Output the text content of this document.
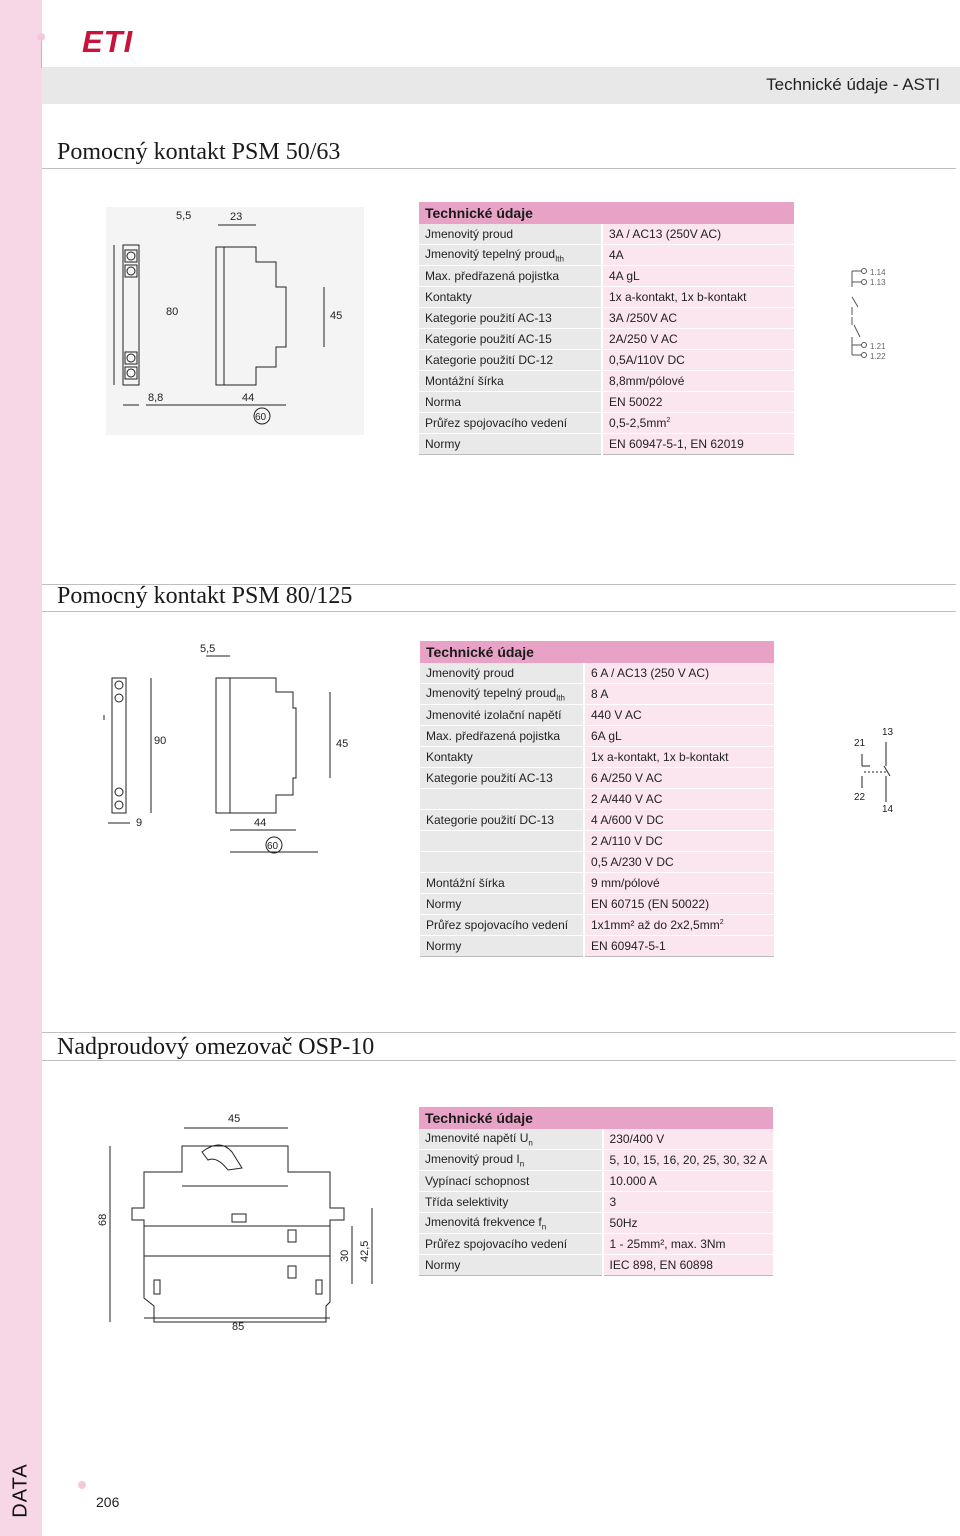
ETI
Technické údaje - ASTI
Pomocný kontakt PSM 50/63
80	45
5,5	23
8,8	44
60
Technické údaje	
Jmenovitý proud	3A / AC13 (250V AC)
Jmenovitý tepelný proud$_{Ith}$	4A
Max. předřazená pojistka	4A gL
Kontakty	1x a-kontakt, 1x b-kontakt
Kategorie použití AC-13	3A /250V AC
Kategorie použití AC-15	2A/250 V AC
Kategorie použití DC-12	0,5A/110V DC
Montážní šírka	8,8mm/pólové
Norma	EN 50022
Průřez spojovacího vedení	$0,5-2,5mm^2$
Normy	EN 60947-5-1, EN 62019
1.14
1.13
1.21
1.22
Pomocný kontakt PSM 80/125
5,5
90	45
9	44
60
Technické údaje	
Jmenovitý proud	6 A / AC13 (250 V AC)
Jmenovitý tepelný proud$_{Ith}$	8 A
Jmenovité izolační napětí	440 V AC
Max. předřazená pojistka	6A gL
Kontakty	1x a-kontakt, 1x b-kontakt
Kategorie použití AC-13	6 A/250 V AC
	2 A/440 V AC
Kategorie použití DC-13	4 A/600 V DC
	2 A/110 V DC
	0,5 A/230 V DC
Montážní šírka	9 mm/pólové
Normy	EN 60715 (EN 50022)
Průřez spojovacího vedení	1x1mm² až do $2x2,5mm^2$
Normy	EN 60947-5-1
21
13
22
14
Nadproudový omezovač OSP-10
45
68
30 42,5
85
Technické údaje	
Jmenovité napětí $U_n$	230/400 V
Jmenovitý proud $I_n$	5, 10, 15, 16, 20, 25, 30, 32 A
Vypínací schopnost	10.000 A
Třída selektivity	3
Jmenovitá frekvence $f_n$	50Hz
Průřez spojovacího vedení	1 - 25mm², max. 3Nm
Normy	IEC 898, EN 60898
DATA	206
